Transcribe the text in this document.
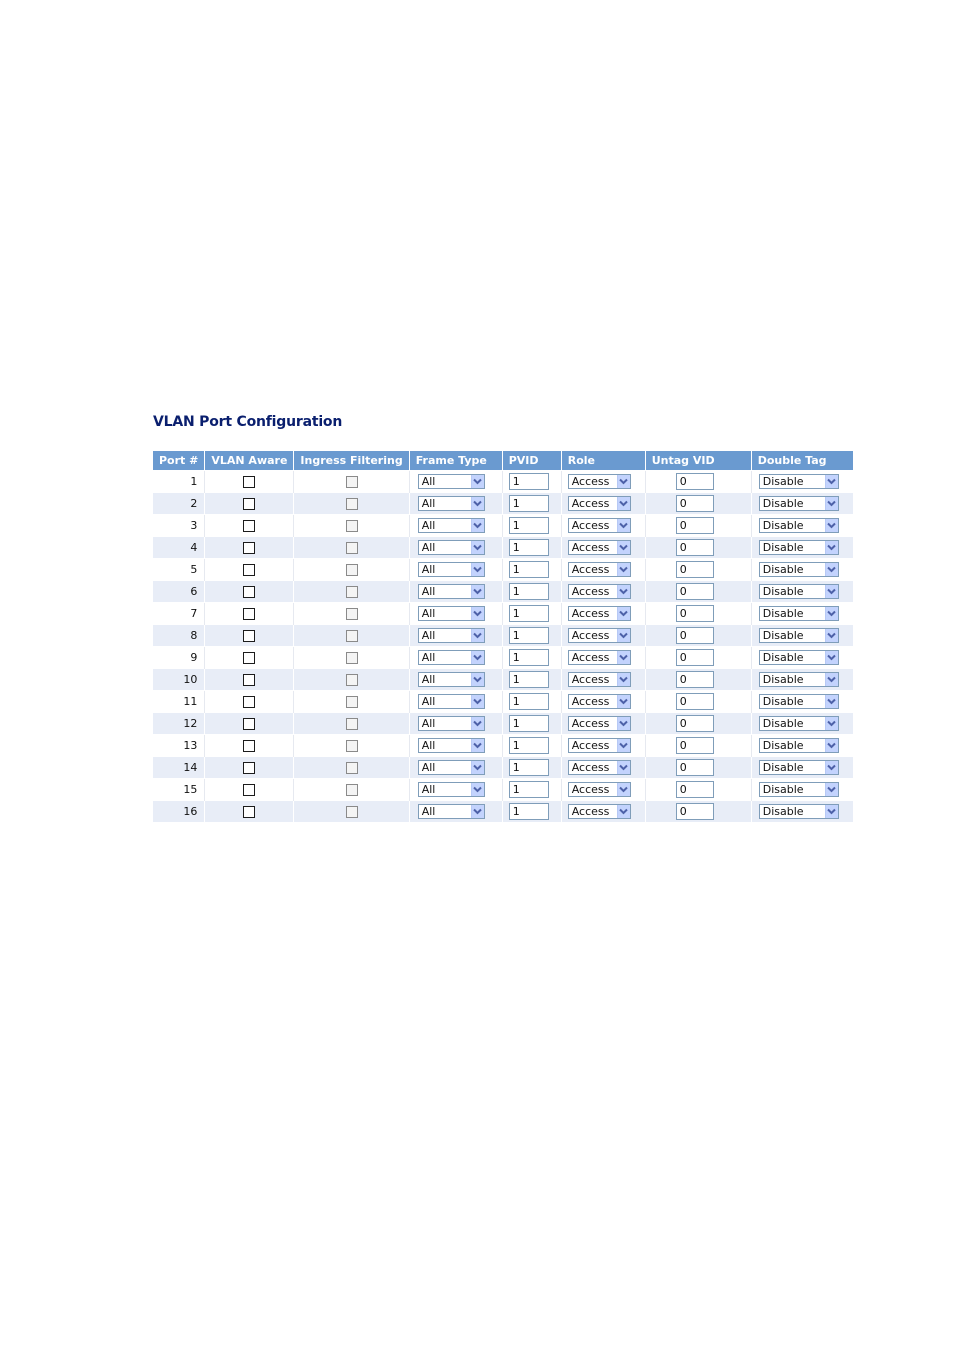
VLAN Port Configuration
Port #	VLAN Aware	Ingress Filtering	Frame Type	PVID	Role	Untag VID	Double Tag
1			All	1	Access	0	Disable

2			All	1	Access	0	Disable

3			All	1	Access	0	Disable

4			All	1	Access	0	Disable

5			All	1	Access	0	Disable

6			All	1	Access	0	Disable

7			All	1	Access	0	Disable

8			All	1	Access	0	Disable

9			All	1	Access	0	Disable

10			All	1	Access	0	Disable

11			All	1	Access	0	Disable

12			All	1	Access	0	Disable

13			All	1	Access	0	Disable

14			All	1	Access	0	Disable

15			All	1	Access	0	Disable

16			All	1	Access	0	Disable
